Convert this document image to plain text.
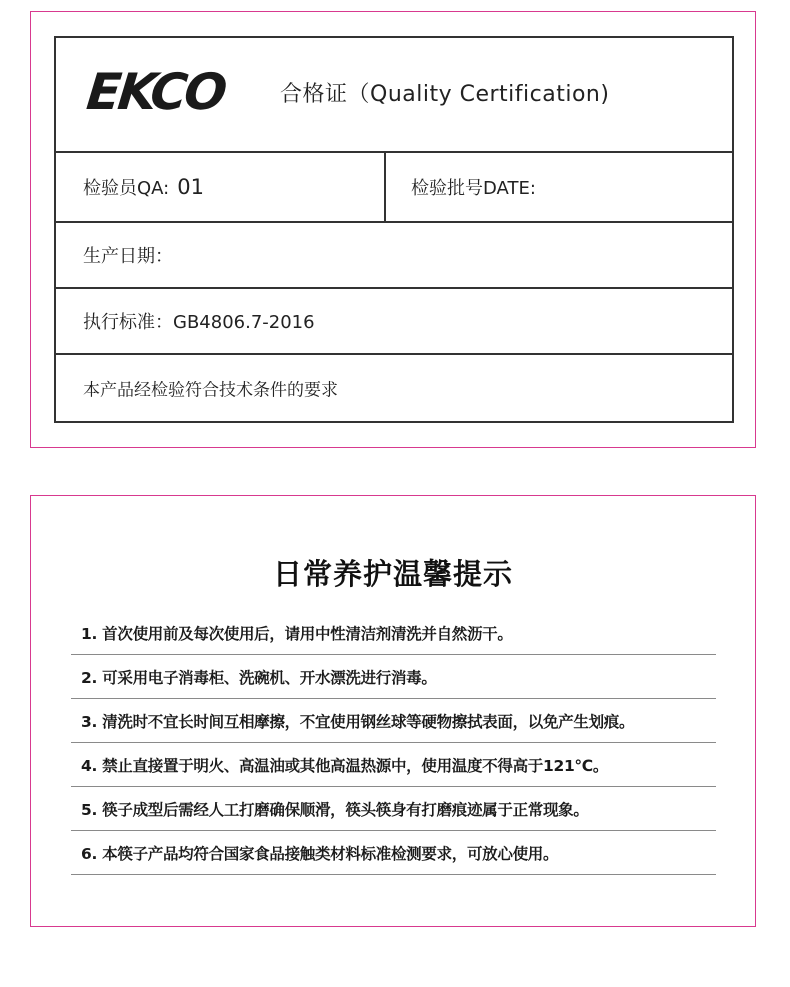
EKCO 合格证（Quality Certification)
检验员QA: 01	检验批号DATE:
生产日期：
执行标准：GB4806.7-2016
本产品经检验符合技术条件的要求
日常养护温馨提示
1. 首次使用前及每次使用后，请用中性清洁剂清洗并自然沥干。
2. 可采用电子消毒柜、洗碗机、开水漂洗进行消毒。
3. 清洗时不宜长时间互相摩擦，不宜使用钢丝球等硬物擦拭表面，以免产生划痕。
4. 禁止直接置于明火、高温油或其他高温热源中，使用温度不得高于121℃。
5. 筷子成型后需经人工打磨确保顺滑，筷头筷身有打磨痕迹属于正常现象。
6. 本筷子产品均符合国家食品接触类材料标准检测要求，可放心使用。
